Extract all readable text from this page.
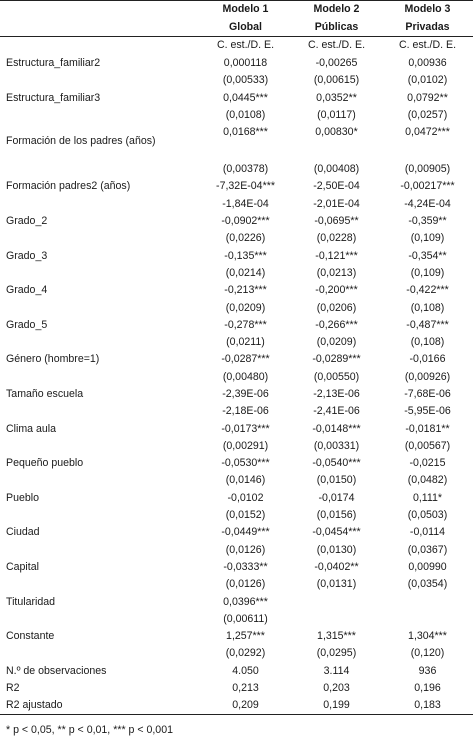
	Modelo 1	Modelo 2	Modelo 3
	Global	Públicas	Privadas
	C. est./D. E.	C. est./D. E.	C. est./D. E.
Estructura_familiar2	0,000118	-0,00265	0,00936
	(0,00533)	(0,00615)	(0,0102)
Estructura_familiar3	0,0445***	0,0352**	0,0792**
	(0,0108)	(0,0117)	(0,0257)
Formación de los padres (años)	0,0168***	0,00830*	0,0472***
	(0,00378)	(0,00408)	(0,00905)
Formación padres2 (años)	-7,32E-04***	-2,50E-04	-0,00217***
	-1,84E-04	-2,01E-04	-4,24E-04
Grado_2	-0,0902***	-0,0695**	-0,359**
	(0,0226)	(0,0228)	(0,109)
Grado_3	-0,135***	-0,121***	-0,354**
	(0,0214)	(0,0213)	(0,109)
Grado_4	-0,213***	-0,200***	-0,422***
	(0,0209)	(0,0206)	(0,108)
Grado_5	-0,278***	-0,266***	-0,487***
	(0,0211)	(0,0209)	(0,108)
Género (hombre=1)	-0,0287***	-0,0289***	-0,0166
	(0,00480)	(0,00550)	(0,00926)
Tamaño escuela	-2,39E-06	-2,13E-06	-7,68E-06
	-2,18E-06	-2,41E-06	-5,95E-06
Clima aula	-0,0173***	-0,0148***	-0,0181**
	(0,00291)	(0,00331)	(0,00567)
Pequeño pueblo	-0,0530***	-0,0540***	-0,0215
	(0,0146)	(0,0150)	(0,0482)
Pueblo	-0,0102	-0,0174	0,111*
	(0,0152)	(0,0156)	(0,0503)
Ciudad	-0,0449***	-0,0454***	-0,0114
	(0,0126)	(0,0130)	(0,0367)
Capital	-0,0333**	-0,0402**	0,00990
	(0,0126)	(0,0131)	(0,0354)
Titularidad	0,0396***		
	(0,00611)		
Constante	1,257***	1,315***	1,304***
	(0,0292)	(0,0295)	(0,120)
N.º de observaciones	4.050	3.114	936
R2	0,213	0,203	0,196
R2 ajustado	0,209	0,199	0,183
* p < 0,05, ** p < 0,01, *** p < 0,001
